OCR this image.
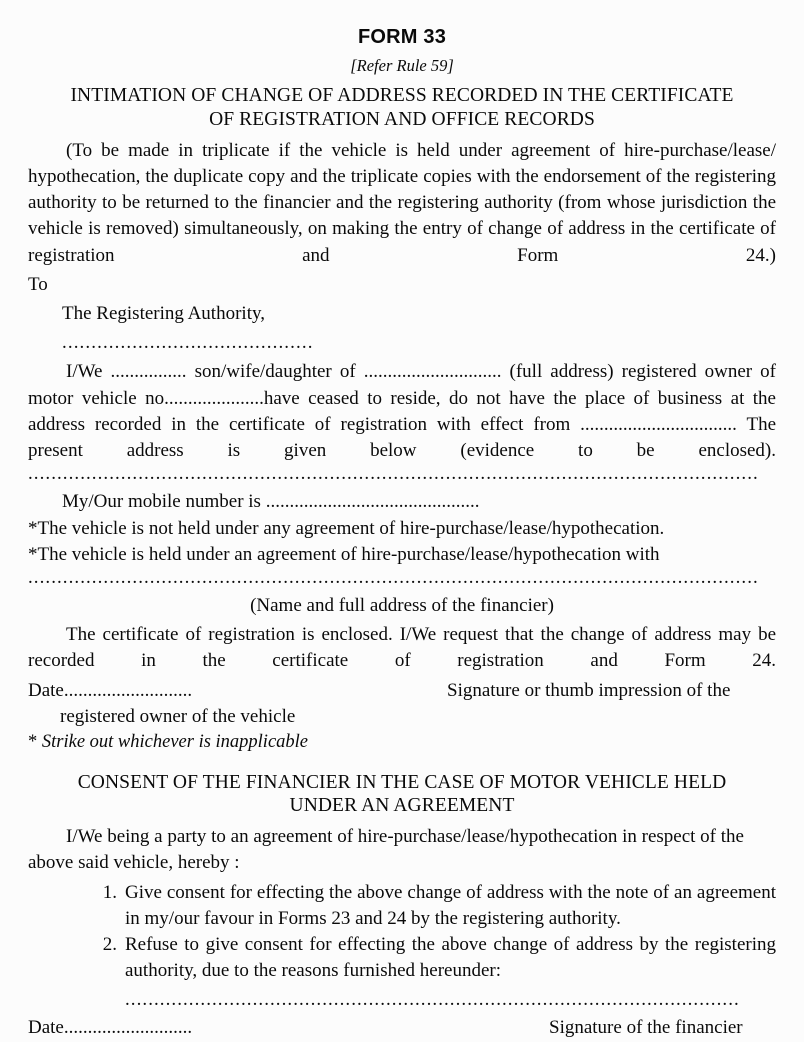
FORM 33
[Refer Rule 59]
INTIMATION OF CHANGE OF ADDRESS RECORDED IN THE CERTIFICATE
OF REGISTRATION AND OFFICE RECORDS
(To be made in triplicate if the vehicle is held under agreement of hire-purchase/lease/ hypothecation, the duplicate copy and the triplicate copies with the endorsement of the registering authority to be returned to the financier and the registering authority (from whose jurisdiction the vehicle is removed) simultaneously, on making the entry of change of address in the certificate of registration and Form 24.)
To
The Registering Authority,
...........................................
I/We ................ son/wife/daughter of ............................. (full address) registered owner of motor vehicle no.....................have ceased to reside, do not have the place of business at the address recorded in the certificate of registration with effect from ................................. The present address is given below (evidence to be enclosed).
..............................................................................................................................
My/Our mobile number is .............................................
*The vehicle is not held under any agreement of hire-purchase/lease/hypothecation.
*The vehicle is held under an agreement of hire-purchase/lease/hypothecation with
..............................................................................................................................
(Name and full address of the financier)
The certificate of registration is enclosed. I/We request that the change of address may be recorded in the certificate of registration and Form 24.
Date...........................	Signature or thumb impression of the
registered owner of the vehicle
* Strike out whichever is inapplicable
CONSENT OF THE FINANCIER IN THE CASE OF MOTOR VEHICLE HELD
UNDER AN AGREEMENT
I/We being a party to an agreement of hire-purchase/lease/hypothecation in respect of the above said vehicle, hereby :
1. Give consent for effecting the above change of address with the note of an agreement in my/our favour in Forms 23 and 24 by the registering authority.
2. Refuse to give consent for effecting the above change of address by the registering authority, due to the reasons furnished hereunder:
..........................................................................................................
Date...........................	Signature of the financier
